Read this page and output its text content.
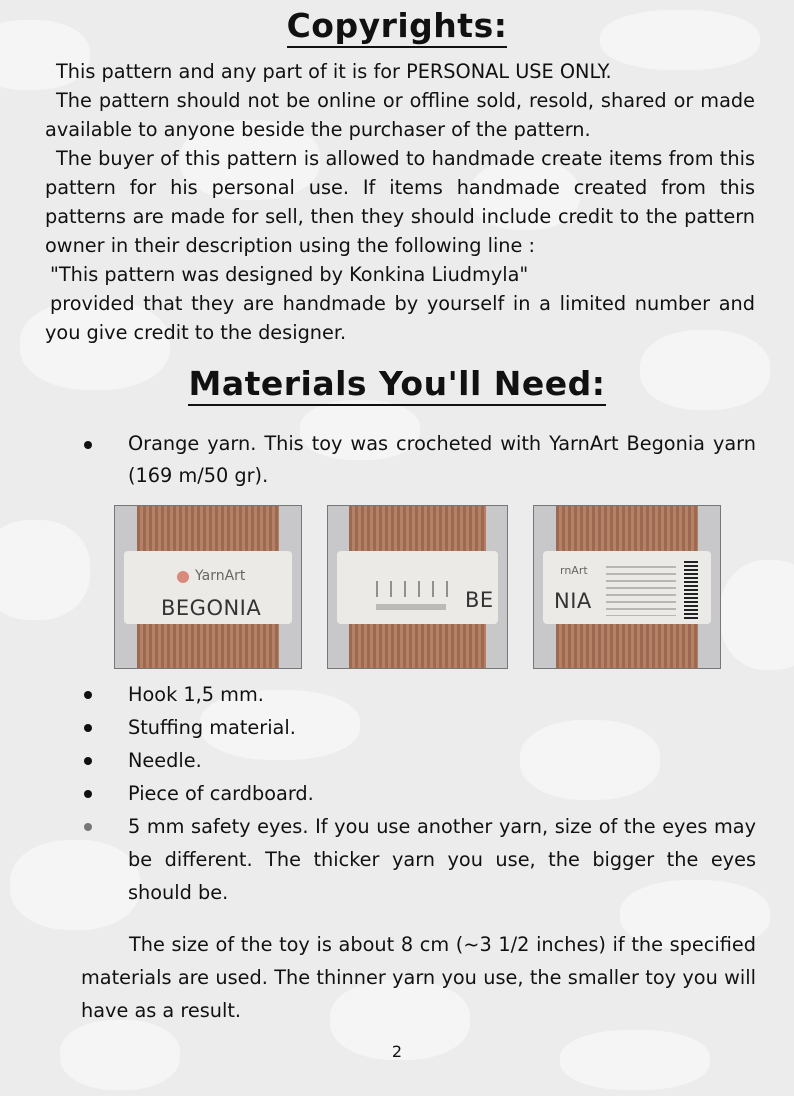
Copyrights:

This pattern and any part of it is for PERSONAL USE ONLY.

The pattern should not be online or offline sold, resold, shared or made available to anyone beside the purchaser of the pattern.

The buyer of this pattern is allowed to handmade create items from this pattern for his personal use. If items handmade created from this patterns are made for sell, then they should include credit to the pattern owner in their description using the following line :

"This pattern was designed by Konkina Liudmyla"

provided that they are handmade by yourself in a limited number and you give credit to the designer.

Materials You'll Need:
Orange yarn. This toy was crocheted with YarnArt Begonia yarn (169 m/50 gr).
YarnArt
BEGONIA	BE
rnArt
NIA
Hook 1,5 mm.
Stuffing material.
Needle.
Piece of cardboard.
5 mm safety eyes. If you use another yarn, size of the eyes may be different. The thicker yarn you use, the bigger the eyes should be.

The size of the toy is about 8 cm (~3 1/2 inches) if the specified materials are used. The thinner yarn you use, the smaller toy you will have as a result.

2
